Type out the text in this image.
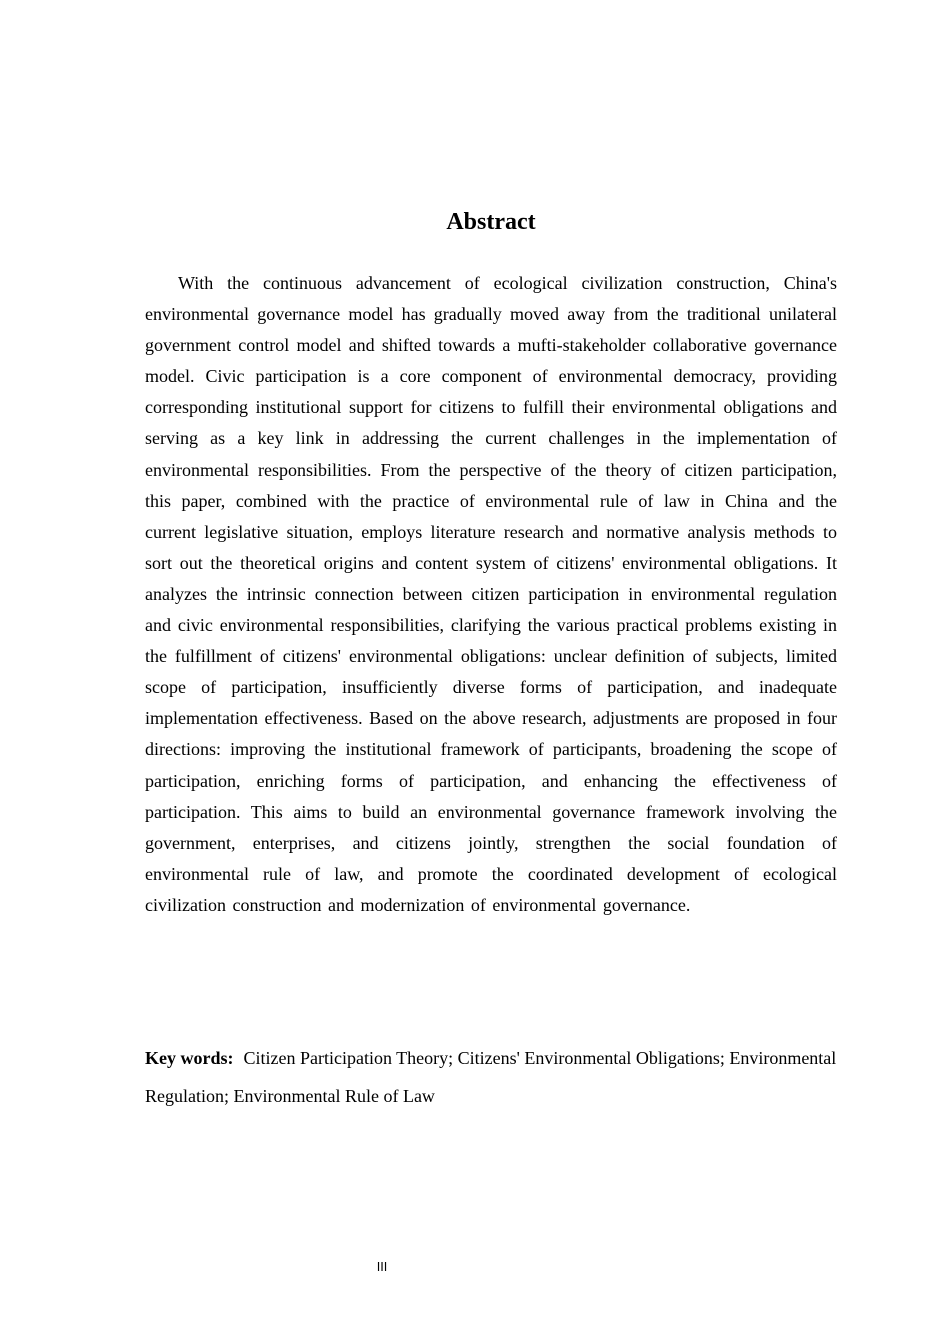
Abstract

With the continuous advancement of ecological civilization construction, China's environmental governance model has gradually moved away from the traditional unilateral government control model and shifted towards a mufti-stakeholder collaborative governance model. Civic participation is a core component of environmental democracy, providing corresponding institutional support for citizens to fulfill their environmental obligations and serving as a key link in addressing the current challenges in the implementation of environmental responsibilities. From the perspective of the theory of citizen participation, this paper, combined with the practice of environmental rule of law in China and the current legislative situation, employs literature research and normative analysis methods to sort out the theoretical origins and content system of citizens' environmental obligations. It analyzes the intrinsic connection between citizen participation in environmental regulation and civic environmental responsibilities, clarifying the various practical problems existing in the fulfillment of citizens' environmental obligations: unclear definition of subjects, limited scope of participation, insufficiently diverse forms of participation, and inadequate implementation effectiveness. Based on the above research, adjustments are proposed in four directions: improving the institutional framework of participants, broadening the scope of participation, enriching forms of participation, and enhancing the effectiveness of participation. This aims to build an environmental governance framework involving the government, enterprises, and citizens jointly, strengthen the social foundation of environmental rule of law, and promote the coordinated development of ecological civilization construction and modernization of environmental governance.

Key words: Citizen Participation Theory; Citizens' Environmental Obligations; Environmental Regulation; Environmental Rule of Law

III
